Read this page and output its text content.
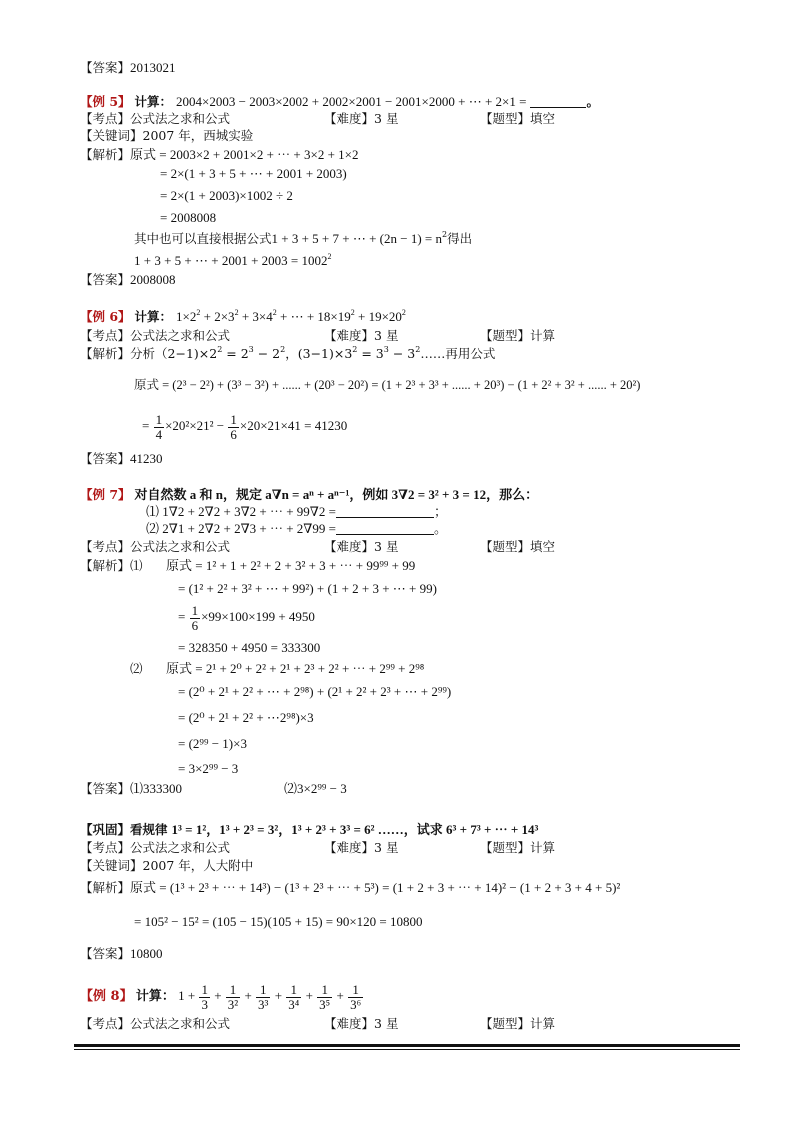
【答案】2013021
【例 5】 计算： 2004×2003 − 2003×2002 + 2002×2001 − 2001×2000 + ⋯ + 2×1 =	。
【考点】公式法之求和公式	【难度】3 星	【题型】填空
【关键词】2007 年，西城实验
【解析】原式 = 2003×2 + 2001×2 + ⋯ + 3×2 + 1×2
= 2×(1 + 3 + 5 + ⋯ + 2001 + 2003)
= 2×(1 + 2003)×1002 ÷ 2
= 2008008
其中也可以直接根据公式1 + 3 + 5 + 7 + ⋯ + $(2n - 1) = n^2$得出
1 + 3 + 5 + ⋯ + $2001 + 2003 = 1002^2$
【答案】2008008
【例 6】 计算： $1\times 2^2 + 2\times 3^2 + 3\times 4^2$ + ⋯ + $18\times 19^2 + 19\times 20^2$
【考点】公式法之求和公式	【难度】3 星	【题型】计算
【解析】分析$(2-1)\times 2^2 = 2^3 - 2^2$，$(3-1)\times 3^2 = 3^3$ − $3^2\dots\dots$再用公式
原式 = (2³ − 2²) + (3³ − 3²) + ...... + (20³ − 20²) = (1 + 2³ + 3³ + ...... + 20³) − (1 + 2² + 3² + ...... + 20²)
= $\frac{1}{4} \times 20^2\times 21^2 - \frac{1}{6} \times 20\times 21\times 41 = 41230$
【答案】41230
【例 7】 对自然数 a 和 n，规定 a∇n = aⁿ + aⁿ⁻¹，例如 3∇2 = 3² + 3 = 12，那么：
⑴ 1∇2 + 2∇2 + 3∇2 + ⋯ + 99∇2 =	；
⑵ 2∇1 + 2∇2 + 2∇3 + ⋯ + 2∇99 =	。
【考点】公式法之求和公式	【难度】3 星	【题型】填空
【解析】⑴ 原式 = 1² + 1 + 2² + 2 + 3² + 3 + ⋯ + 99⁹⁹ + 99
= (1² + 2² + 3² + ⋯ + 99²) + (1 + 2 + 3 + ⋯ + 99)
= $\frac{1}{6} \times 99\times 100\times 199 + 4950$
= 328350 + 4950 = 333300
⑵ 原式 = 2¹ + 2⁰ + 2² + 2¹ + 2³ + 2² + ⋯ + 2⁹⁹ + 2⁹⁸
= (2⁰ + 2¹ + 2² + ⋯ + 2⁹⁸) + (2¹ + 2² + 2³ + ⋯ + 2⁹⁹)
= (2⁰ + 2¹ + 2² + ⋯2⁹⁸)×3
= (2⁹⁹ − 1)×3
= 3×2⁹⁹ − 3
【答案】⑴333300	⑵3×2⁹⁹ − 3
【巩固】看规律 1³ = 1²，1³ + 2³ = 3²，1³ + 2³ + 3³ = 6² ……，试求 6³ + 7³ + ⋯ + 14³
【考点】公式法之求和公式	【难度】3 星	【题型】计算
【关键词】2007 年，人大附中
【解析】原式 = (1³ + 2³ + ⋯ + 14³) − (1³ + 2³ + ⋯ + 5³) = (1 + 2 + 3 + ⋯ + 14)² − (1 + 2 + 3 + 4 + 5)²
= 105² − 15² = (105 − 15)(105 + 15) = 90×120 = 10800
【答案】10800
【例 8】 计算： $1 + \frac{1}{3} + \frac{1}{\text{3²}} + \frac{1}{\text{3³}} + \frac{1}{\text{3⁴}} + \frac{1}{\text{3⁵}} + \frac{1}{\text{3⁶}}$
【考点】公式法之求和公式	【难度】3 星	【题型】计算
